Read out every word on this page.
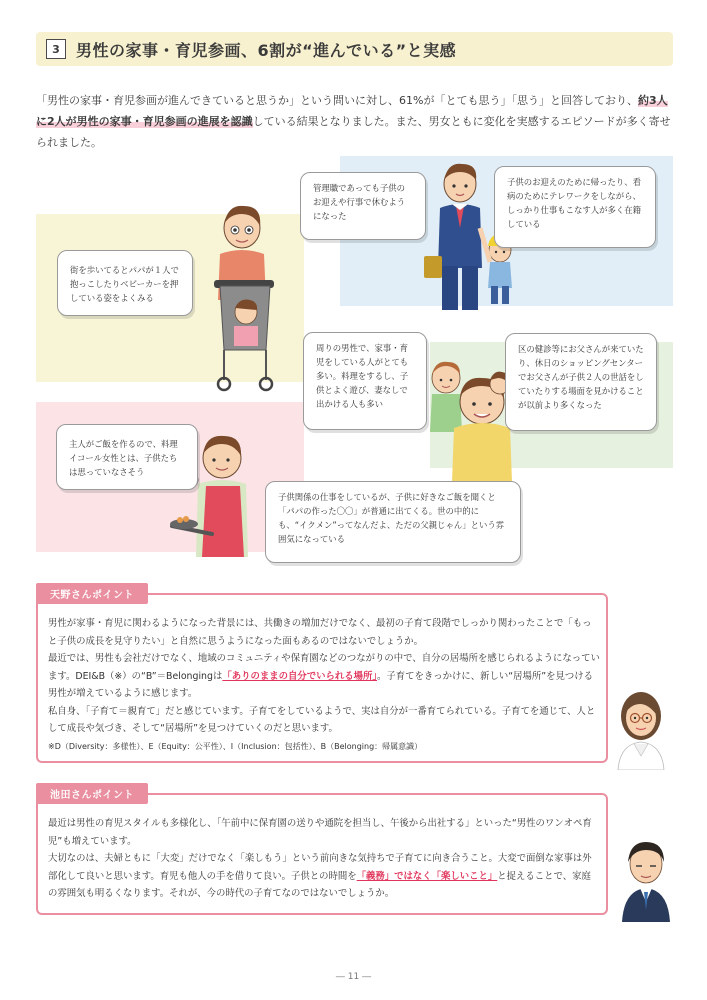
3	男性の家事・育児参画、6割が“進んでいる”と実感
「男性の家事・育児参画が進んできていると思うか」という問いに対し、61%が「とても思う」「思う」と回答しており、約3人に2人が男性の家事・育児参画の進展を認識している結果となりました。また、男女ともに変化を実感するエピソードが多く寄せられました。
管理職であっても子供のお迎えや行事で休むようになった
子供のお迎えのために帰ったり、看病のためにテレワークをしながら、しっかり仕事もこなす人が多く在籍している
街を歩いてるとパパが１人で抱っこしたりベビーカーを押している姿をよくみる
周りの男性で、家事・育児をしている人がとても多い。料理をするし、子供とよく遊び、妻なしで出かける人も多い
区の健診等にお父さんが来ていたり、休日のショッピングセンターでお父さんが子供２人の世話をしていたりする場面を見かけることが以前より多くなった
主人がご飯を作るので、料理イコール女性とは、子供たちは思っていなさそう
子供関係の仕事をしているが、子供に好きなご飯を聞くと「パパの作った〇〇」が普通に出てくる。世の中的にも、“イクメン”ってなんだよ、ただの父親じゃん」という雰囲気になっている
天野さんポイント

男性が家事・育児に関わるようになった背景には、共働きの増加だけでなく、最初の子育て段階でしっかり関わったことで「もっと子供の成長を見守りたい」と自然に思うようになった面もあるのではないでしょうか。

最近では、男性も会社だけでなく、地域のコミュニティや保育園などのつながりの中で、自分の居場所を感じられるようになっています。DEI&B（※）の“B”＝Belongingは「ありのままの自分でいられる場所」。子育てをきっかけに、新しい“居場所”を見つける男性が増えているように感じます。

私自身、「子育て＝親育て」だと感じています。子育てをしているようで、実は自分が一番育てられている。子育てを通じて、人として成長や気づき、そして“居場所”を見つけていくのだと思います。

※D（Diversity：多様性）、E（Equity：公平性）、I（Inclusion：包括性）、B（Belonging：帰属意識）

池田さんポイント

最近は男性の育児スタイルも多様化し、「午前中に保育園の送りや通院を担当し、午後から出社する」といった“男性のワンオペ育児”も増えています。

大切なのは、夫婦ともに「大変」だけでなく「楽しもう」という前向きな気持ちで子育てに向き合うこと。大変で面倒な家事は外部化して良いと思います。育児も他人の手を借りて良い。子供との時間を「義務」ではなく「楽しいこと」と捉えることで、家庭の雰囲気も明るくなります。それが、今の時代の子育てなのではないでしょうか。

― 11 ―
